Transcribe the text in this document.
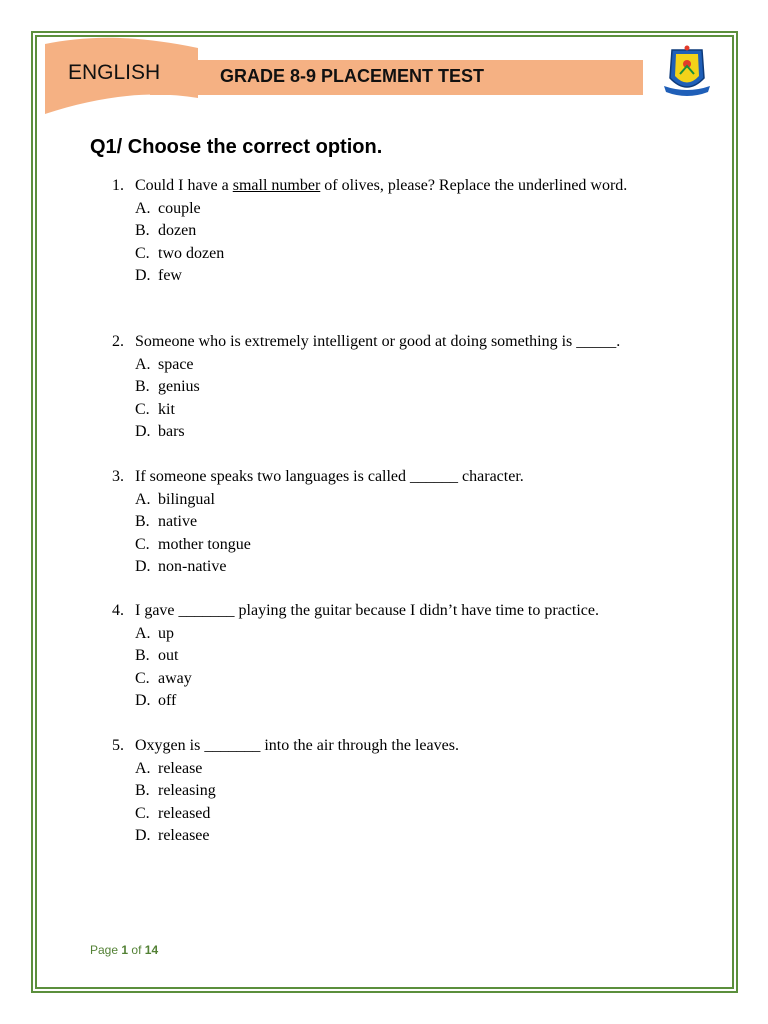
GRADE 8-9 PLACEMENT TEST
ENGLISH
Q1/ Choose the correct option.
1. Could I have a small number of olives, please? Replace the underlined word.
A. couple
B. dozen
C. two dozen
D. few
2. Someone who is extremely intelligent or good at doing something is _____.
A. space
B. genius
C. kit
D. bars
3. If someone speaks two languages is called ______ character.
A. bilingual
B. native
C. mother tongue
D. non-native
4. I gave _______ playing the guitar because I didn’t have time to practice.
A. up
B. out
C. away
D. off
5. Oxygen is _______ into the air through the leaves.
A. release
B. releasing
C. released
D. releasee
Page 1 of 14
